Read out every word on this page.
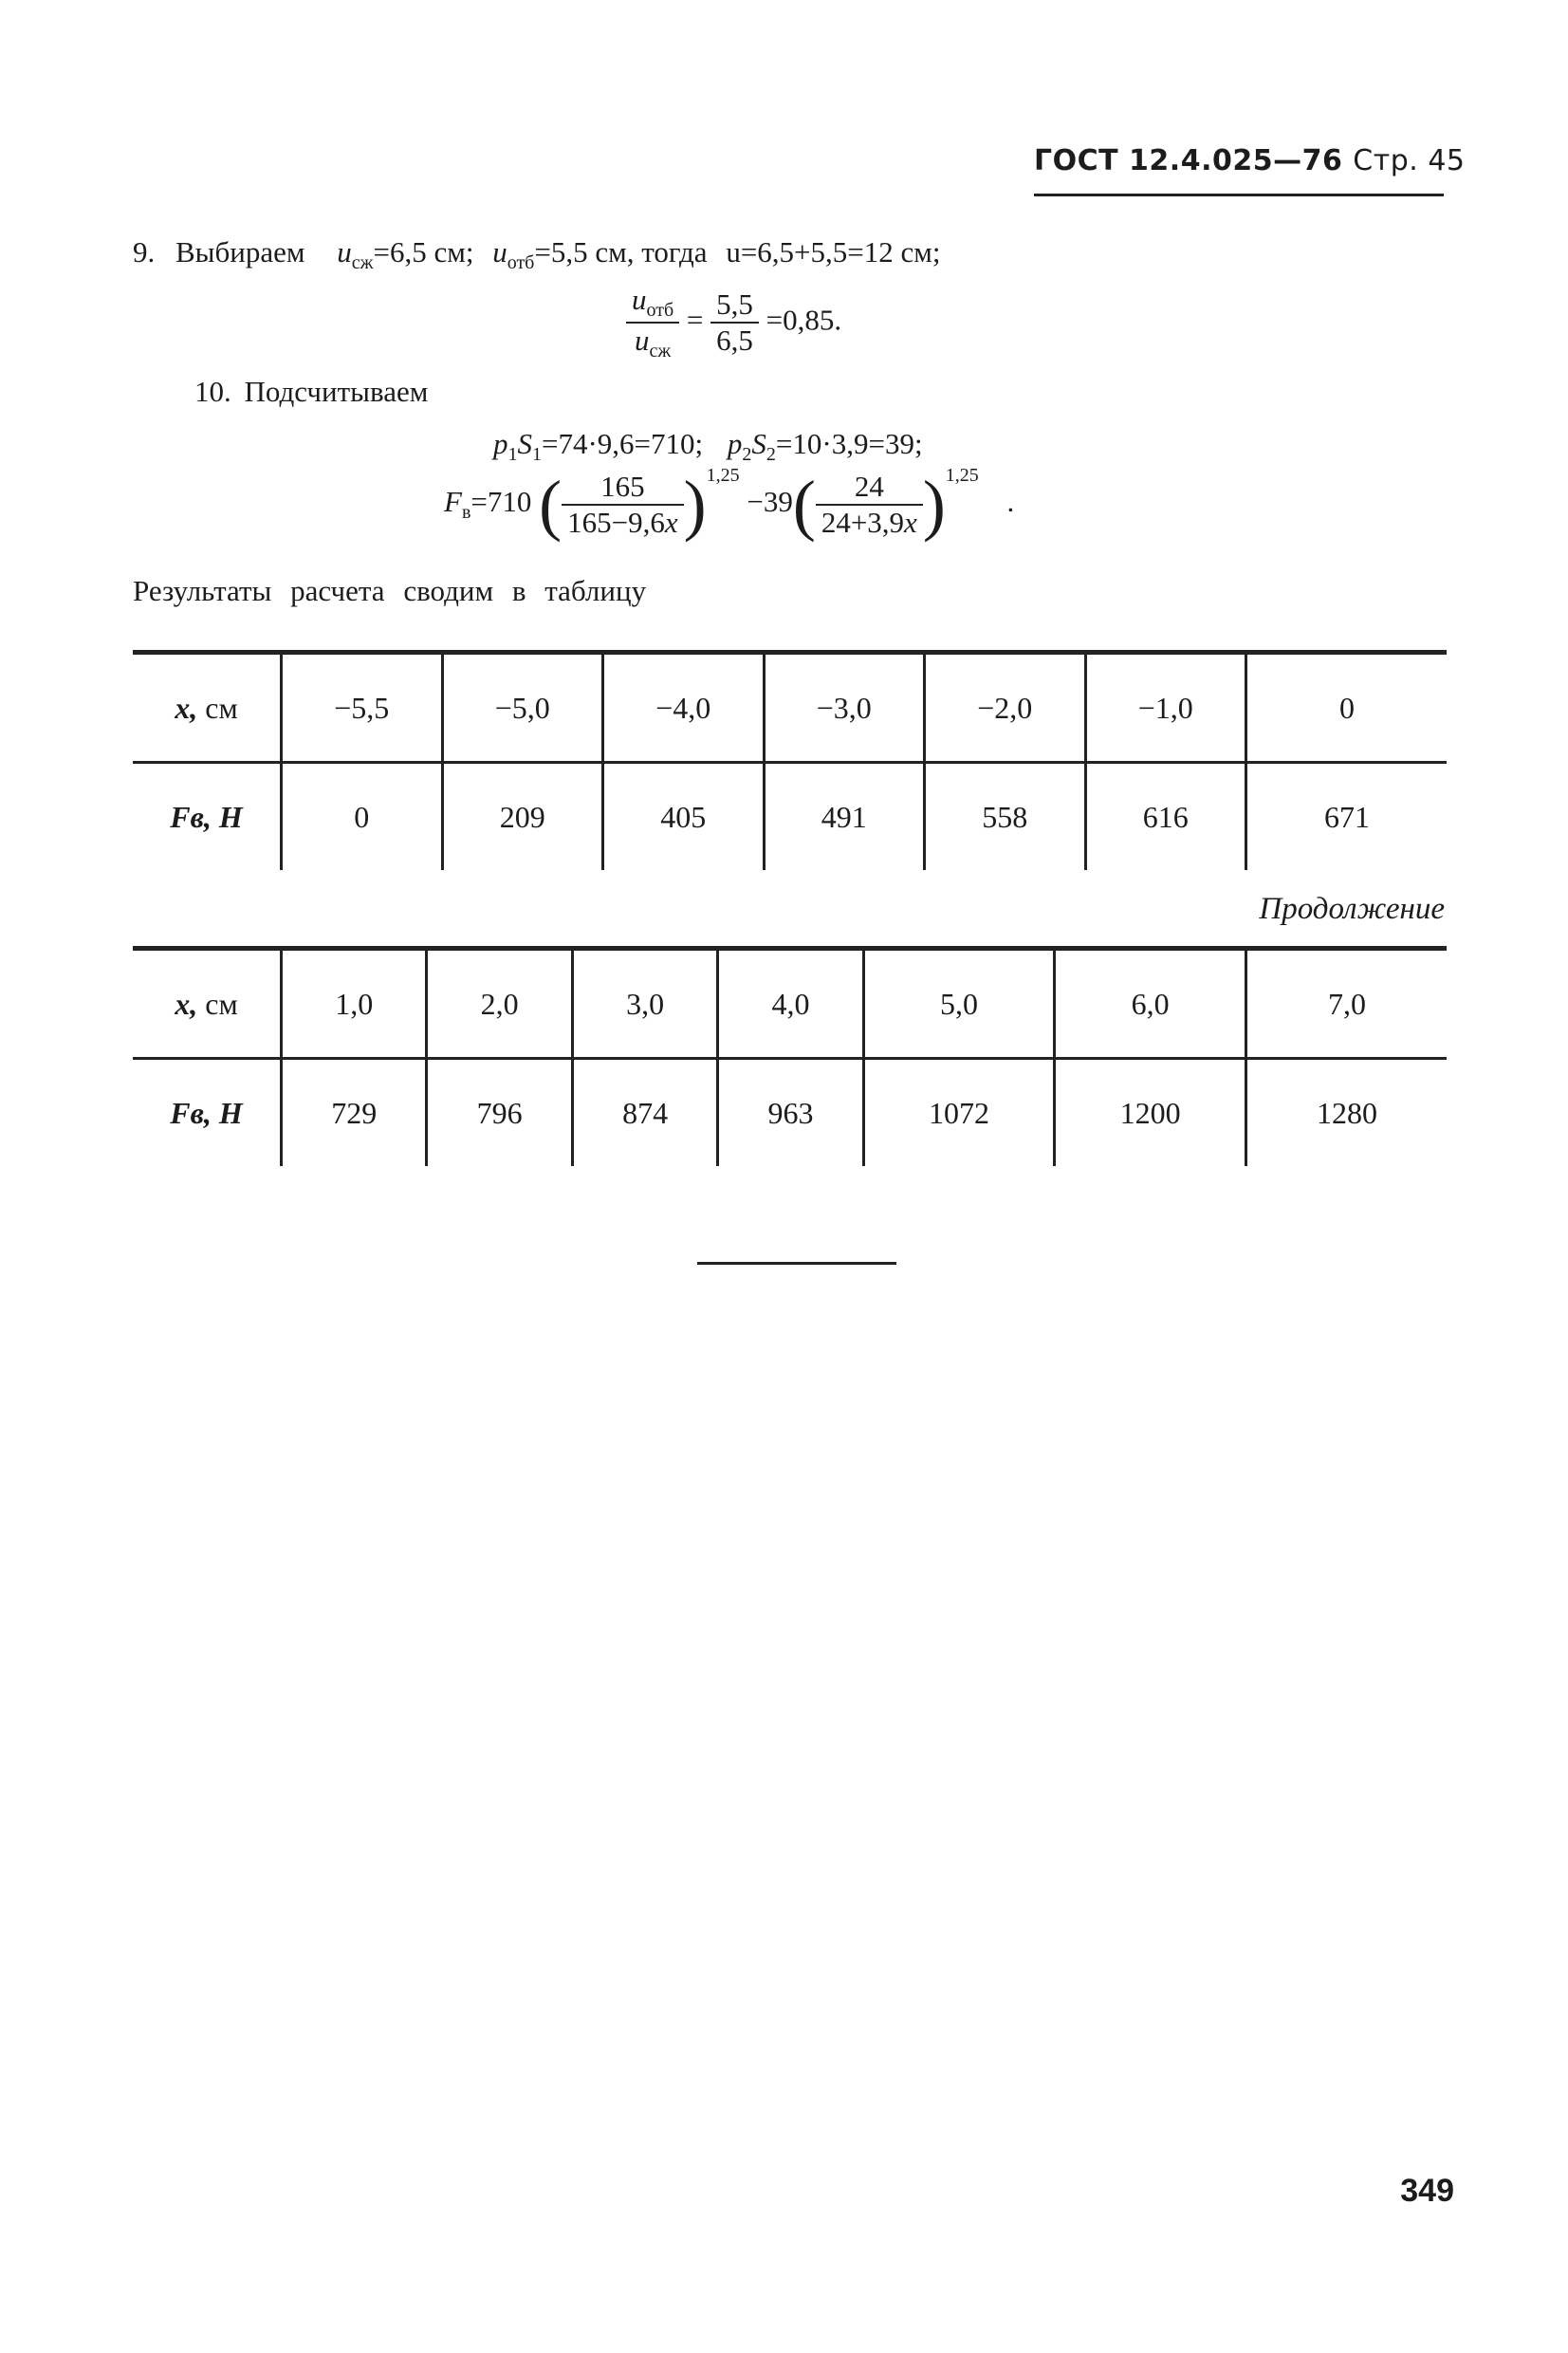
ГОСТ 12.4.025—76 Стр. 45
9. Выбираем $u_{сж}=6,5$ см; $u_{отб}=5,5$ см, тогда u=6,5+5,5=12 см;
$\frac{u_{отб}}{u_{сж}} = \frac{5,5}{6,5} =0,85$.
10. Подсчитываем
$p_1S_1=74\cdot 9,6=710$; $p_2S_2=10\cdot 3,9=39$;
$F_в=710$ ( $\frac{165}{165-9,6x} )^{1,25} -39( \frac{24}{24+3,9x} )^{1,25}$ .
Результаты расчета сводим в таблицу
x, см	−5,5	−5,0	−4,0	−3,0	−2,0	−1,0	0
Fв, Н	0	209	405	491	558	616	671
Продолжение
x, см	1,0	2,0	3,0	4,0	5,0	6,0	7,0
Fв, Н	729	796	874	963	1072	1200	1280
349
